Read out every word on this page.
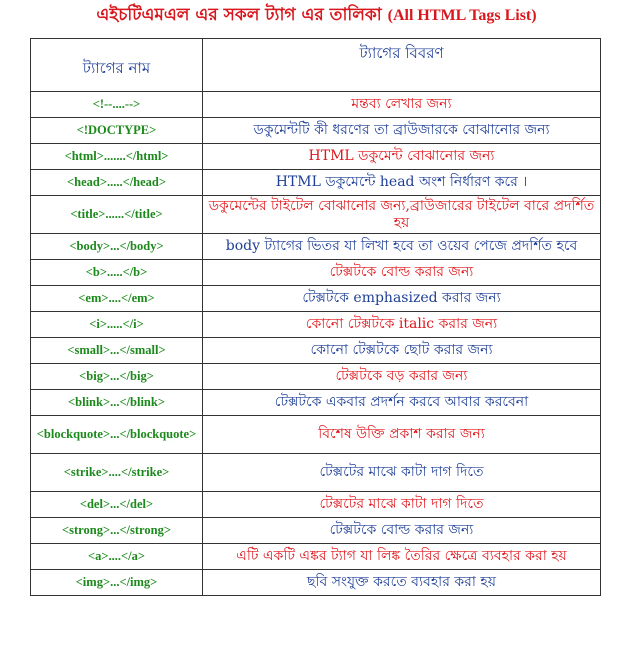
এইচটিএমএল এর সকল ট্যাগ এর তালিকা (All HTML Tags List)
ট্যাগের নাম	ট্যাগের বিবরণ
<!--....-->	মন্তব্য লেখার জন্য
<!DOCTYPE>	ডকুমেন্টটি কী ধরণের তা ব্রাউজারকে বোঝানোর জন্য
<html>.......</html>	HTML ডকুমেন্ট বোঝানোর জন্য
<head>.....</head>	HTML ডকুমেন্টে head অংশ নির্ধারণ করে ।
<title>......</title>	ডকুমেন্টের টাইটেল বোঝানোর জন্য,ব্রাউজারের টাইটেল বারে প্রদর্শিত হয়
<body>...</body>	body ট্যাগের ভিতর যা লিখা হবে তা ওয়েব পেজে প্রদর্শিত হবে
<b>.....</b>	টেক্সটকে বোল্ড করার জন্য
<em>....</em>	টেক্সটকে emphasized করার জন্য
<i>.....</i>	কোনো টেক্সটকে italic করার জন্য
<small>...</small>	কোনো টেক্সটকে ছোট করার জন্য
<big>...</big>	টেক্সটকে বড় করার জন্য
<blink>...</blink>	টেক্সটকে একবার প্রদর্শন করবে আবার করবেনা
<blockquote>...</blockquote>	বিশেষ উক্তি প্রকাশ করার জন্য
<strike>....</strike>	টেক্সটের মাঝে কাটা দাগ দিতে
<del>...</del>	টেক্সটের মাঝে কাটা দাগ দিতে
<strong>...</strong>	টেক্সটকে বোল্ড করার জন্য
<a>....</a>	এটি একটি এঙ্কর ট্যাগ যা লিঙ্ক তৈরির ক্ষেত্রে ব্যবহার করা হয়
<img>...</img>	ছবি সংযুক্ত করতে ব্যবহার করা হয়
